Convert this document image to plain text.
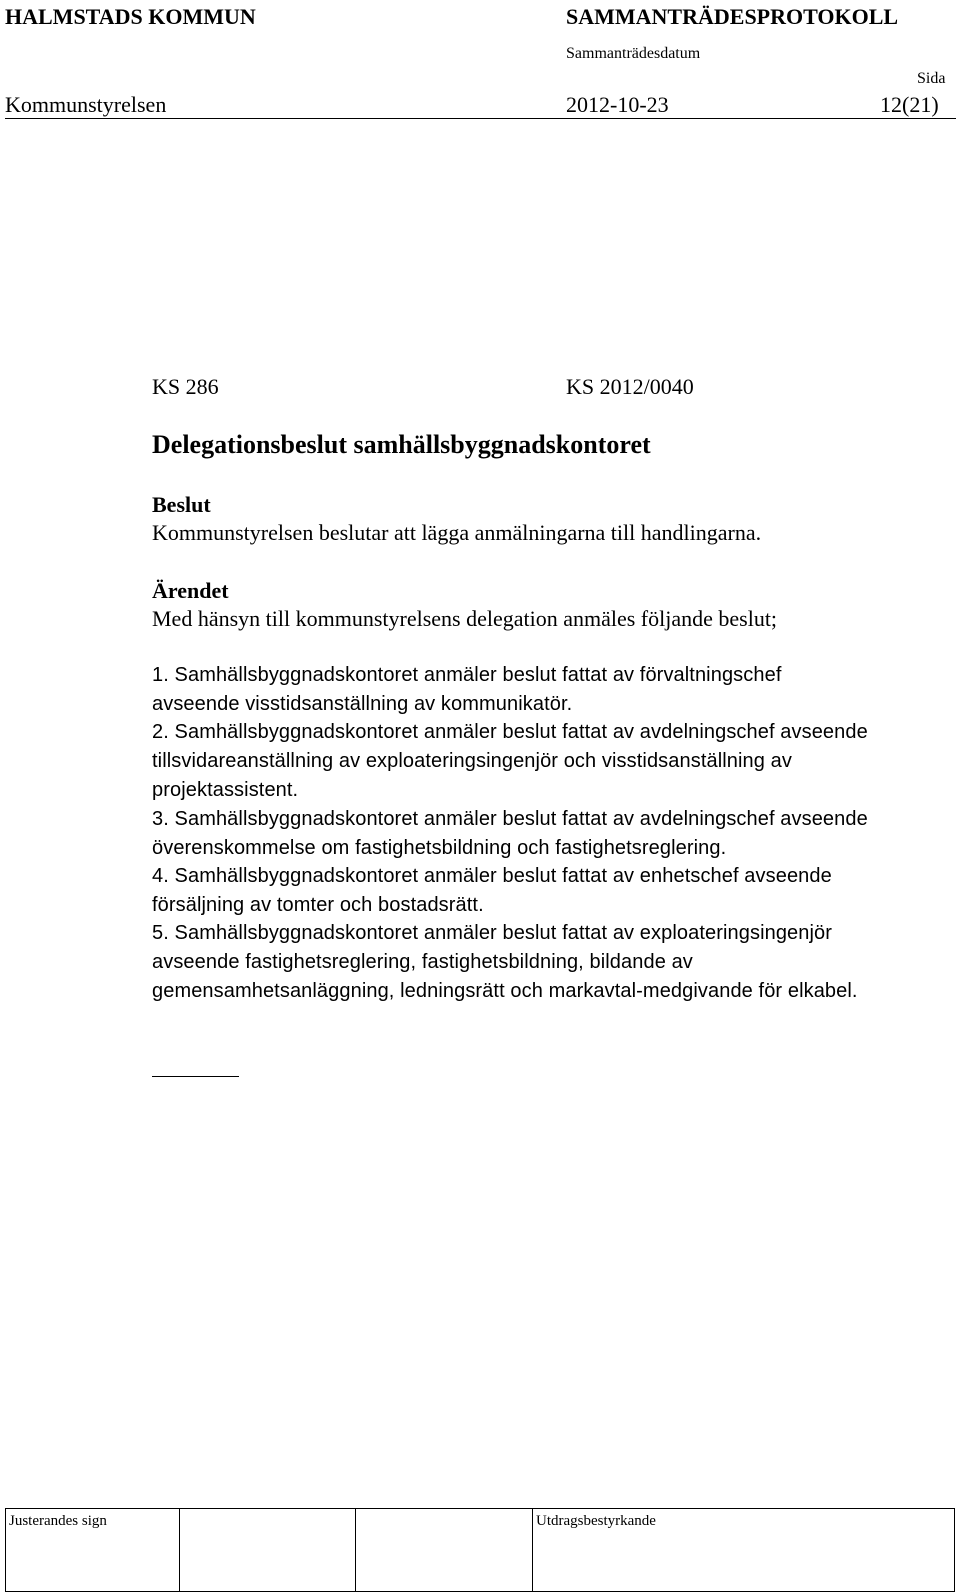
HALMSTADS KOMMUN	SAMMANTRÄDESPROTOKOLL
Sammanträdesdatum
Sida
Kommunstyrelsen	2012-10-23	12(21)
KS 286	KS 2012/0040
Delegationsbeslut samhällsbyggnadskontoret
Beslut
Kommunstyrelsen beslutar att lägga anmälningarna till handlingarna.
Ärendet
Med hänsyn till kommunstyrelsens delegation anmäles följande beslut;
1. Samhällsbyggnadskontoret anmäler beslut fattat av förvaltningschef
avseende visstidsanställning av kommunikatör.
2. Samhällsbyggnadskontoret anmäler beslut fattat av avdelningschef avseende
tillsvidareanställning av exploateringsingenjör och visstidsanställning av
projektassistent.
3. Samhällsbyggnadskontoret anmäler beslut fattat av avdelningschef avseende
överenskommelse om fastighetsbildning och fastighetsreglering.
4. Samhällsbyggnadskontoret anmäler beslut fattat av enhetschef avseende
försäljning av tomter och bostadsrätt.
5. Samhällsbyggnadskontoret anmäler beslut fattat av exploateringsingenjör
avseende fastighetsreglering, fastighetsbildning, bildande av
gemensamhetsanläggning, ledningsrätt och markavtal-medgivande för elkabel.
Justerandes sign	Utdragsbestyrkande
